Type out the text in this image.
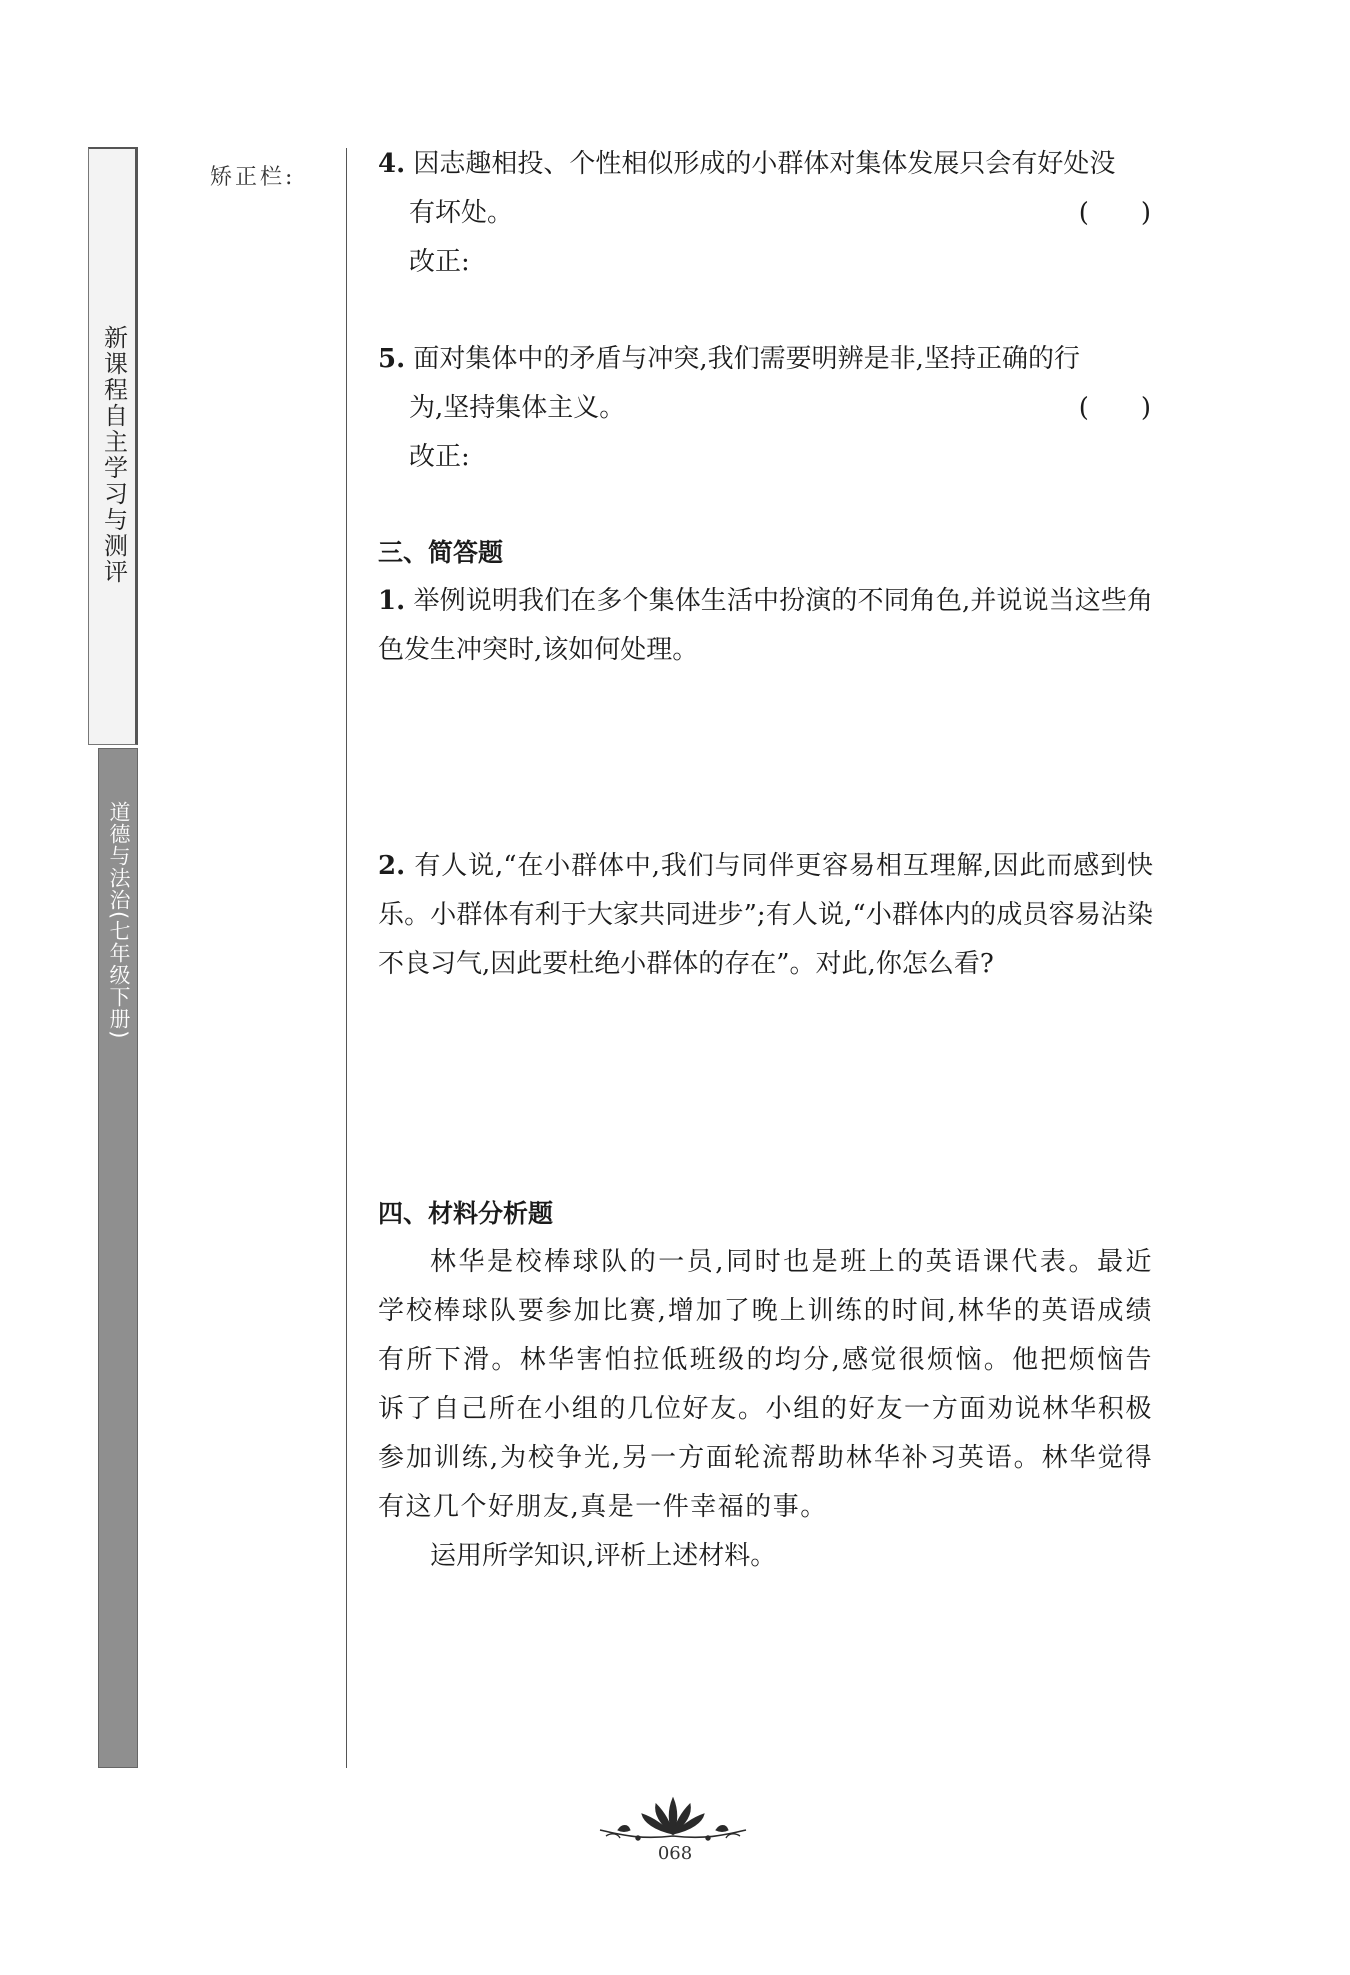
新课程自主学习与测评
道德与法治(七年级下册)
矫正栏:	4. 因志趣相投、个性相似形成的小群体对集体发展只会有好处没
有坏处。	(　　)
改正:
5. 面对集体中的矛盾与冲突,我们需要明辨是非,坚持正确的行
为,坚持集体主义。	(　　)
改正:
三、简答题
1. 举例说明我们在多个集体生活中扮演的不同角色,并说说当这些角色发生冲突时,该如何处理。
2. 有人说,“在小群体中,我们与同伴更容易相互理解,因此而感到快乐。小群体有利于大家共同进步”;有人说,“小群体内的成员容易沾染不良习气,因此要杜绝小群体的存在”。对此,你怎么看?
四、材料分析题
林华是校棒球队的一员,同时也是班上的英语课代表。最近学校棒球队要参加比赛,增加了晚上训练的时间,林华的英语成绩有所下滑。林华害怕拉低班级的均分,感觉很烦恼。他把烦恼告诉了自己所在小组的几位好友。小组的好友一方面劝说林华积极参加训练,为校争光,另一方面轮流帮助林华补习英语。林华觉得有这几个好朋友,真是一件幸福的事。
运用所学知识,评析上述材料。
068
